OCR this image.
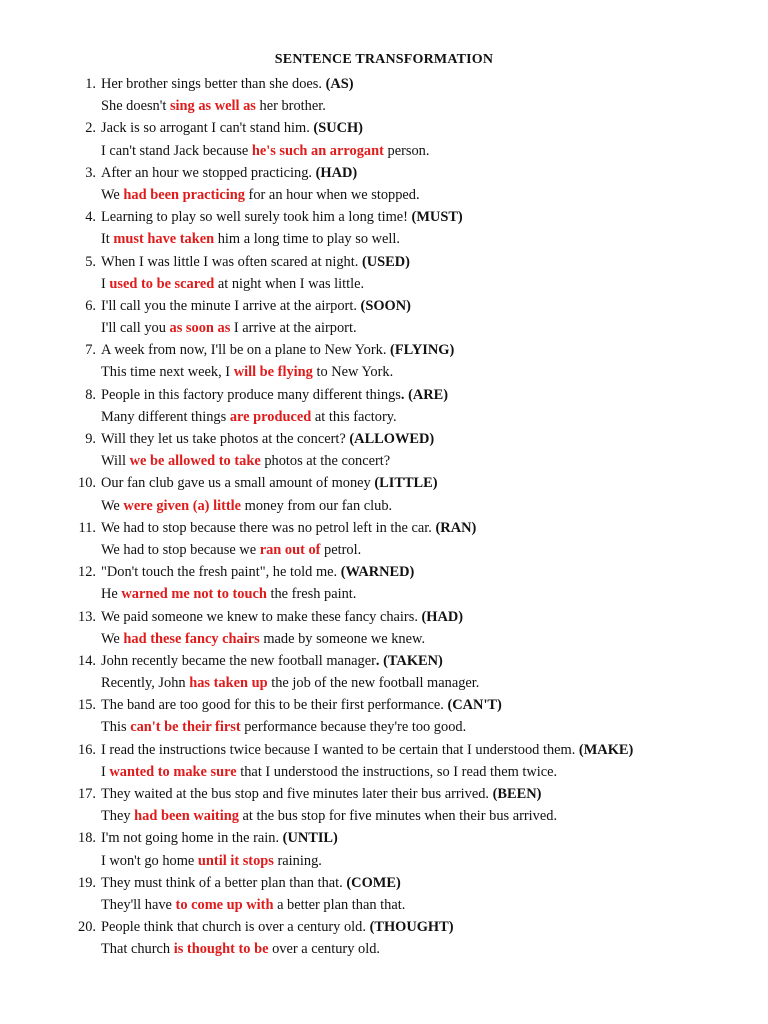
SENTENCE TRANSFORMATION
1. Her brother sings better than she does. (AS)
She doesn't sing as well as her brother.
2. Jack is so arrogant I can't stand him. (SUCH)
I can't stand Jack because he's such an arrogant person.
3. After an hour we stopped practicing. (HAD)
We had been practicing for an hour when we stopped.
4. Learning to play so well surely took him a long time! (MUST)
It must have taken him a long time to play so well.
5. When I was little I was often scared at night. (USED)
I used to be scared at night when I was little.
6. I'll call you the minute I arrive at the airport. (SOON)
I'll call you as soon as I arrive at the airport.
7. A week from now, I'll be on a plane to New York. (FLYING)
This time next week, I will be flying to New York.
8. People in this factory produce many different things. (ARE)
Many different things are produced at this factory.
9. Will they let us take photos at the concert? (ALLOWED)
Will we be allowed to take photos at the concert?
10. Our fan club gave us a small amount of money (LITTLE)
We were given (a) little money from our fan club.
11. We had to stop because there was no petrol left in the car. (RAN)
We had to stop because we ran out of petrol.
12. "Don't touch the fresh paint", he told me. (WARNED)
He warned me not to touch the fresh paint.
13. We paid someone we knew to make these fancy chairs. (HAD)
We had these fancy chairs made by someone we knew.
14. John recently became the new football manager. (TAKEN)
Recently, John has taken up the job of the new football manager.
15. The band are too good for this to be their first performance. (CAN'T)
This can't be their first performance because they're too good.
16. I read the instructions twice because I wanted to be certain that I understood them. (MAKE)
I wanted to make sure that I understood the instructions, so I read them twice.
17. They waited at the bus stop and five minutes later their bus arrived. (BEEN)
They had been waiting at the bus stop for five minutes when their bus arrived.
18. I'm not going home in the rain. (UNTIL)
I won't go home until it stops raining.
19. They must think of a better plan than that. (COME)
They'll have to come up with a better plan than that.
20. People think that church is over a century old. (THOUGHT)
That church is thought to be over a century old.
